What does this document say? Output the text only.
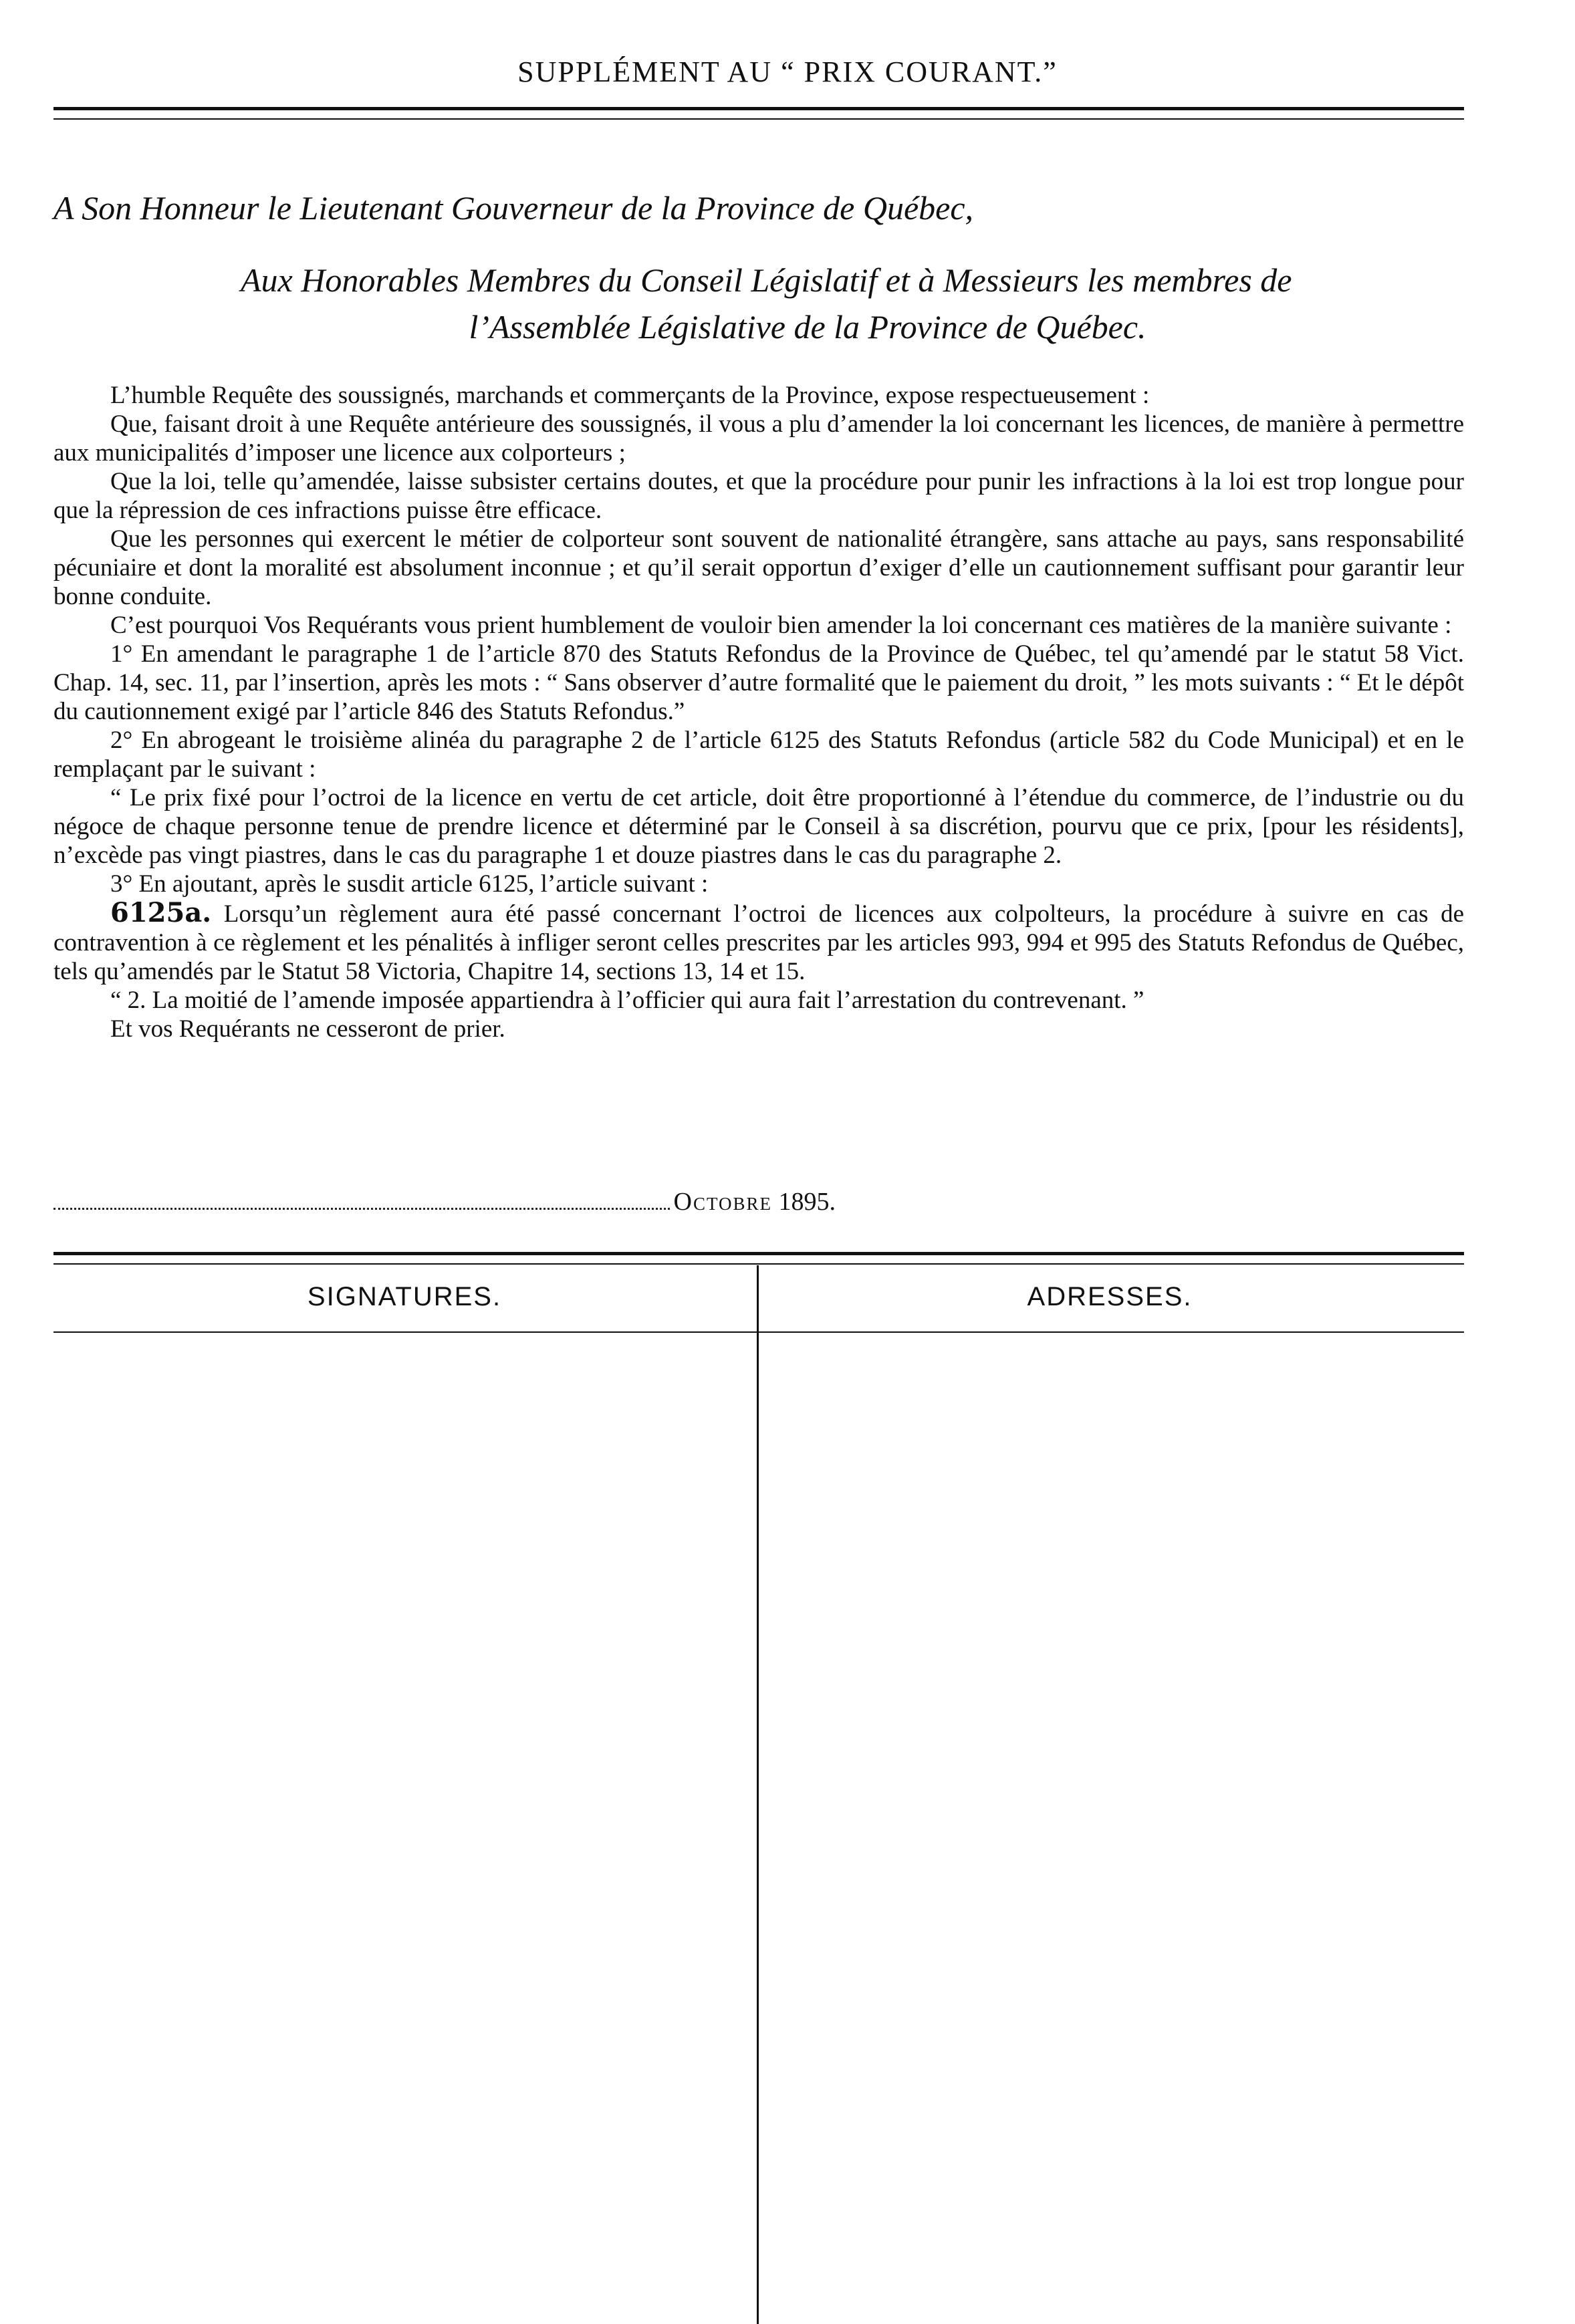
SUPPLÉMENT AU “ PRIX COURANT.”
A Son Honneur le Lieutenant Gouverneur de la Province de Québec,
Aux Honorables Membres du Conseil Législatif et à Messieurs les membres de
l’Assemblée Législative de la Province de Québec.

L’humble Requête des soussignés, marchands et commerçants de la Province, expose respectueusement :

Que, faisant droit à une Requête antérieure des soussignés, il vous a plu d’amender la loi concernant les licences, de manière à permettre aux municipalités d’imposer une licence aux colporteurs ;

Que la loi, telle qu’amendée, laisse subsister certains doutes, et que la procédure pour punir les infractions à la loi est trop longue pour que la répression de ces infractions puisse être efficace.

Que les personnes qui exercent le métier de colporteur sont souvent de nationalité étrangère, sans attache au pays, sans responsabilité pécuniaire et dont la moralité est absolument inconnue ; et qu’il serait opportun d’exiger d’elle un cautionnement suffisant pour garantir leur bonne conduite.

C’est pourquoi Vos Requérants vous prient humblement de vouloir bien amender la loi concernant ces matières de la manière suivante :

1° En amendant le paragraphe 1 de l’article 870 des Statuts Refondus de la Province de Québec, tel qu’amendé par le statut 58 Vict. Chap. 14, sec. 11, par l’insertion, après les mots : “ Sans observer d’autre formalité que le paiement du droit, ” les mots suivants : “ Et le dépôt du cautionnement exigé par l’article 846 des Statuts Refondus.”

2° En abrogeant le troisième alinéa du paragraphe 2 de l’article 6125 des Statuts Refondus (article 582 du Code Municipal) et en le remplaçant par le suivant :

“ Le prix fixé pour l’octroi de la licence en vertu de cet article, doit être proportionné à l’étendue du commerce, de l’industrie ou du négoce de chaque personne tenue de prendre licence et déterminé par le Conseil à sa discrétion, pourvu que ce prix, [pour les résidents], n’excède pas vingt piastres, dans le cas du paragraphe 1 et douze piastres dans le cas du paragraphe 2.

3° En ajoutant, après le susdit article 6125, l’article suivant :

6125a. Lorsqu’un règlement aura été passé concernant l’octroi de licences aux colpolteurs, la procédure à suivre en cas de contravention à ce règlement et les pénalités à infliger seront celles prescrites par les articles 993, 994 et 995 des Statuts Refondus de Québec, tels qu’amendés par le Statut 58 Victoria, Chapitre 14, sections 13, 14 et 15.

“ 2. La moitié de l’amende imposée appartiendra à l’officier qui aura fait l’arrestation du contrevenant. ”

Et vos Requérants ne cesseront de prier.

Octobre
1895.
SIGNATURES.	ADRESSES.
